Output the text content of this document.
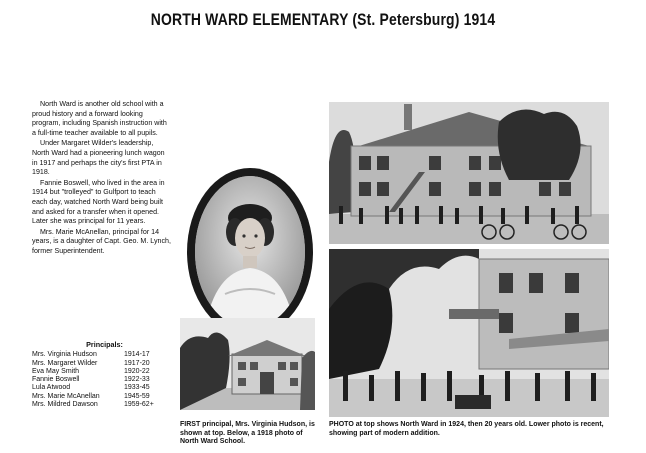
NORTH WARD ELEMENTARY (St. Petersburg) 1914

North Ward is another old school with a proud history and a forward looking program, including Spanish instruction with a full-time teacher available to all pupils.

Under Margaret Wilder's leadership, North Ward had a pioneering lunch wagon in 1917 and perhaps the city's first PTA in 1918.

Fannie Boswell, who lived in the area in 1914 but "trolleyed" to Gulfport to teach each day, watched North Ward being built and asked for a transfer when it opened. Later she was principal for 11 years.

Mrs. Marie McAnellan, principal for 14 years, is a daughter of Capt. Geo. M. Lynch, former Superintendent.

Principals:
Mrs. Virginia Hudson	1914-17
Mrs. Margaret Wilder	1917-20
Eva May Smith	1920-22
Fannie Boswell	1922-33
Lula Atwood	1933-45
Mrs. Marie McAnellan	1945-59
Mrs. Mildred Dawson	1959-62+
FIRST principal, Mrs. Virginia Hudson, is shown at top. Below, a 1918 photo of North Ward School.
PHOTO at top shows North Ward in 1924, then 20 years old. Lower photo is recent, showing part of modern addition.
